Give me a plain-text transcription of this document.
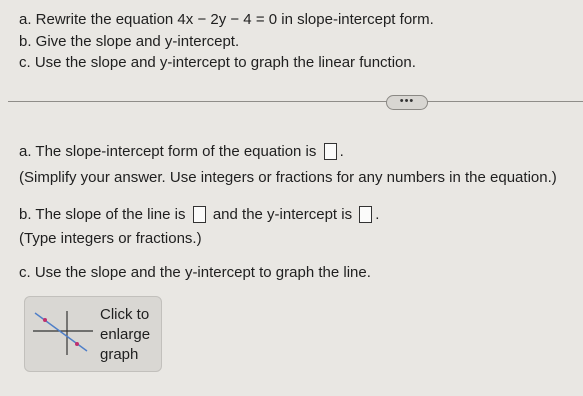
a. Rewrite the equation 4x − 2y − 4 = 0 in slope-intercept form.
b. Give the slope and y-intercept.
c. Use the slope and y-intercept to graph the linear function.
•••
a. The slope-intercept form of the equation is .
(Simplify your answer. Use integers or fractions for any numbers in the equation.)
b. The slope of the line is and the y-intercept is .
(Type integers or fractions.)
c. Use the slope and the y-intercept to graph the line.
Click to
enlarge
graph
